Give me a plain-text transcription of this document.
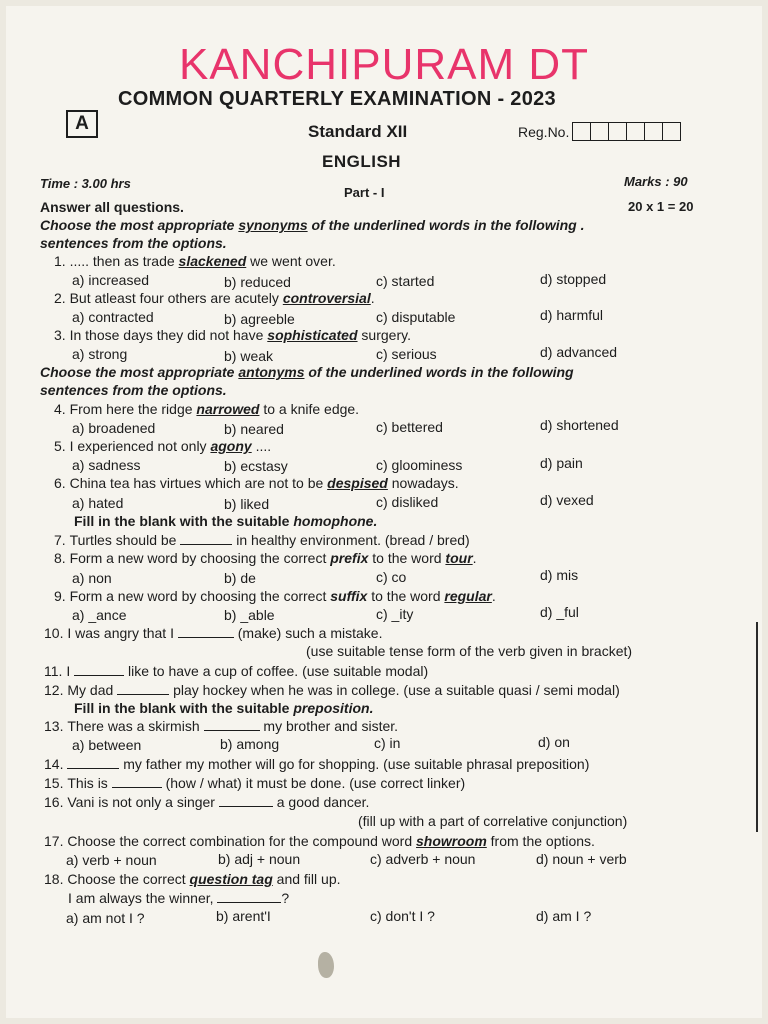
KANCHIPURAM DT
COMMON QUARTERLY EXAMINATION - 2023
A	Standard XII	Reg.No.
ENGLISH
Time : 3.00 hrs	Marks : 90
Part - I
Answer all questions.	20 x 1 = 20
Choose the most appropriate synonyms of the underlined words in the following .
sentences from the options.
1. ..... then as trade slackened we went over.
a) increased	b) reduced	c) started	d) stopped
2. But atleast four others are acutely controversial.
a) contracted	b) agreeble	c) disputable	d) harmful
3. In those days they did not have sophisticated surgery.
a) strong	b) weak	c) serious	d) advanced
Choose the most appropriate antonyms of the underlined words in the following
sentences from the options.
4. From here the ridge narrowed to a knife edge.
a) broadened	b) neared	c) bettered	d) shortened
5. I experienced not only agony ....
a) sadness	b) ecstasy	c) gloominess	d) pain
6. China tea has virtues which are not to be despised nowadays.
a) hated	b) liked	c) disliked	d) vexed
Fill in the blank with the suitable homophone.
7. Turtles should be	in healthy environment. (bread / bred)
8. Form a new word by choosing the correct prefix to the word tour.
a) non	b) de	c) co	d) mis
9. Form a new word by choosing the correct suffix to the word regular.
a) _ance	b) _able	c) _ity	d) _ful
10. I was angry that I	(make) such a mistake.
(use suitable tense form of the verb given in bracket)
11. I	like to have a cup of coffee. (use suitable modal)
12. My dad	play hockey when he was in college. (use a suitable quasi / semi modal)
Fill in the blank with the suitable preposition.
13. There was a skirmish	my brother and sister.
a) between	b) among	c) in	d) on
14.	my father my mother will go for shopping. (use suitable phrasal preposition)
15. This is	(how / what) it must be done. (use correct linker)
16. Vani is not only a singer	a good dancer.
(fill up with a part of correlative conjunction)
17. Choose the correct combination for the compound word showroom from the options.
a) verb + noun	b) adj + noun	c) adverb + noun	d) noun + verb
18. Choose the correct question tag and fill up.
I am always the winner,	?
a) am not I ?	b) arent'I	c) don't I ?	d) am I ?
